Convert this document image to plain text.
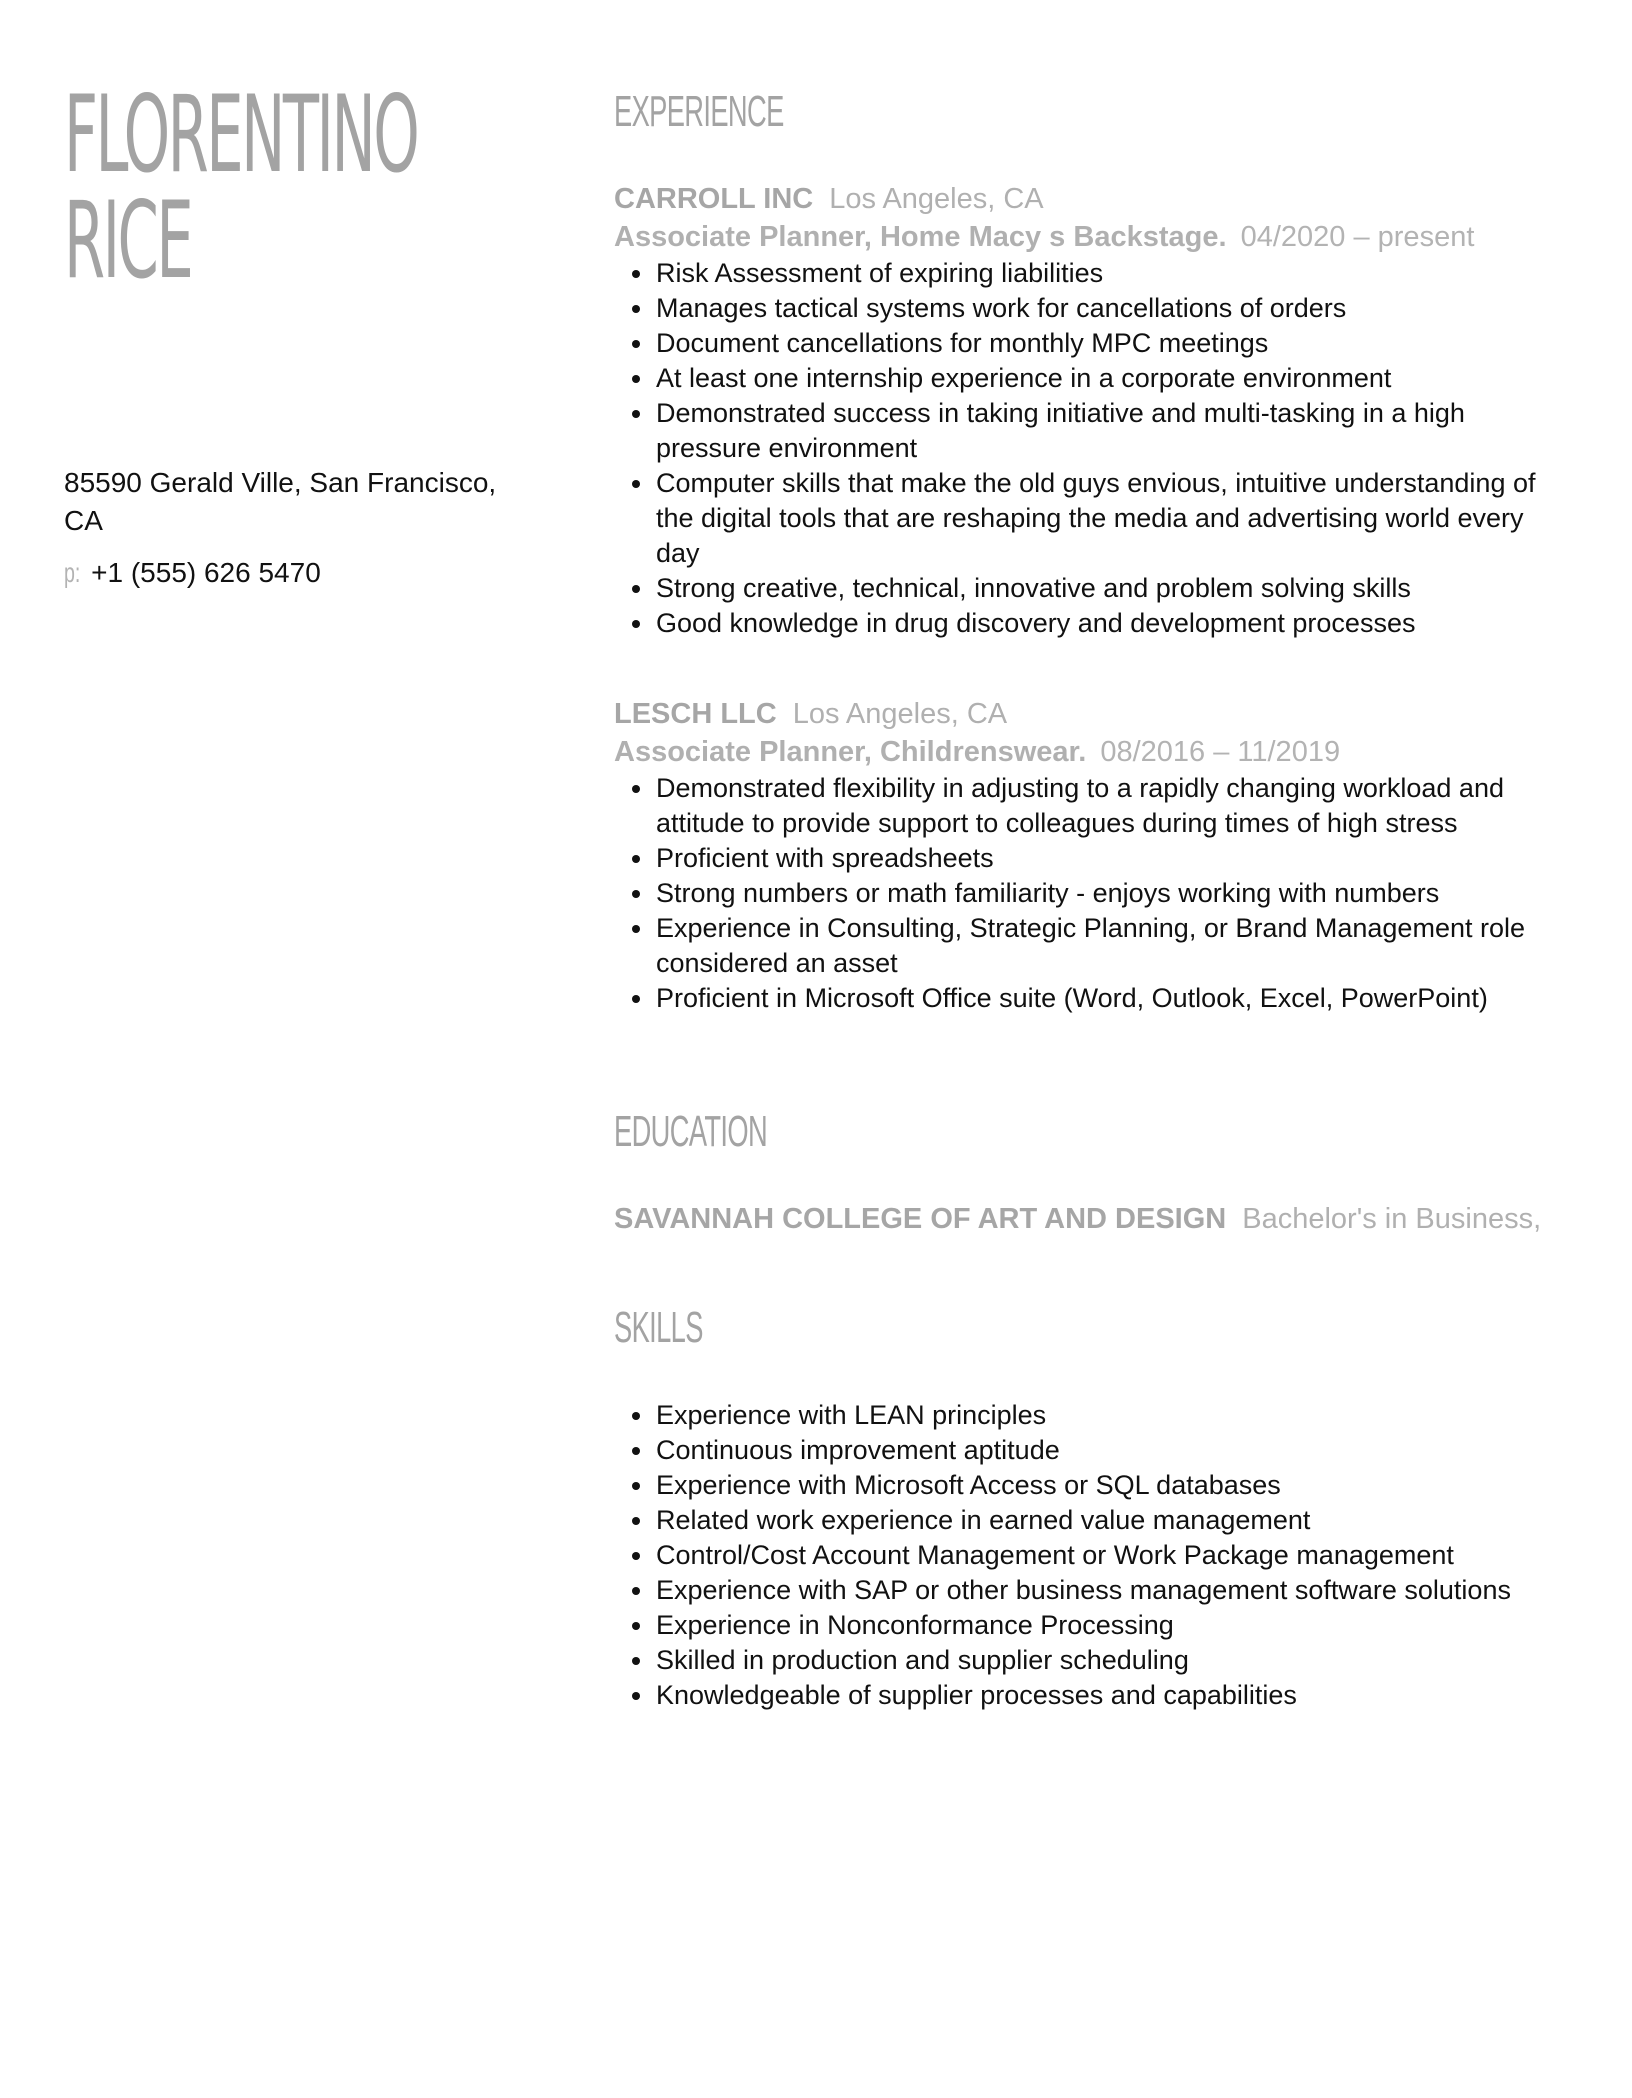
FLORENTINO
RICE

85590 Gerald Ville, San Francisco, CA

p: +1 (555) 626 5470

EXPERIENCE
CARROLL INC Los Angeles, CA
Associate Planner, Home Macy s Backstage. 04/2020 – present
Risk Assessment of expiring liabilities
Manages tactical systems work for cancellations of orders
Document cancellations for monthly MPC meetings
At least one internship experience in a corporate environment
Demonstrated success in taking initiative and multi-tasking in a high pressure environment
Computer skills that make the old guys envious, intuitive understanding of the digital tools that are reshaping the media and advertising world every day
Strong creative, technical, innovative and problem solving skills
Good knowledge in drug discovery and development processes
LESCH LLC Los Angeles, CA
Associate Planner, Childrenswear. 08/2016 – 11/2019
Demonstrated flexibility in adjusting to a rapidly changing workload and attitude to provide support to colleagues during times of high stress
Proficient with spreadsheets
Strong numbers or math familiarity - enjoys working with numbers
Experience in Consulting, Strategic Planning, or Brand Management role considered an asset
Proficient in Microsoft Office suite (Word, Outlook, Excel, PowerPoint)
EDUCATION
SAVANNAH COLLEGE OF ART AND DESIGN Bachelor's in Business,
SKILLS
Experience with LEAN principles
Continuous improvement aptitude
Experience with Microsoft Access or SQL databases
Related work experience in earned value management
Control/Cost Account Management or Work Package management
Experience with SAP or other business management software solutions
Experience in Nonconformance Processing
Skilled in production and supplier scheduling
Knowledgeable of supplier processes and capabilities
